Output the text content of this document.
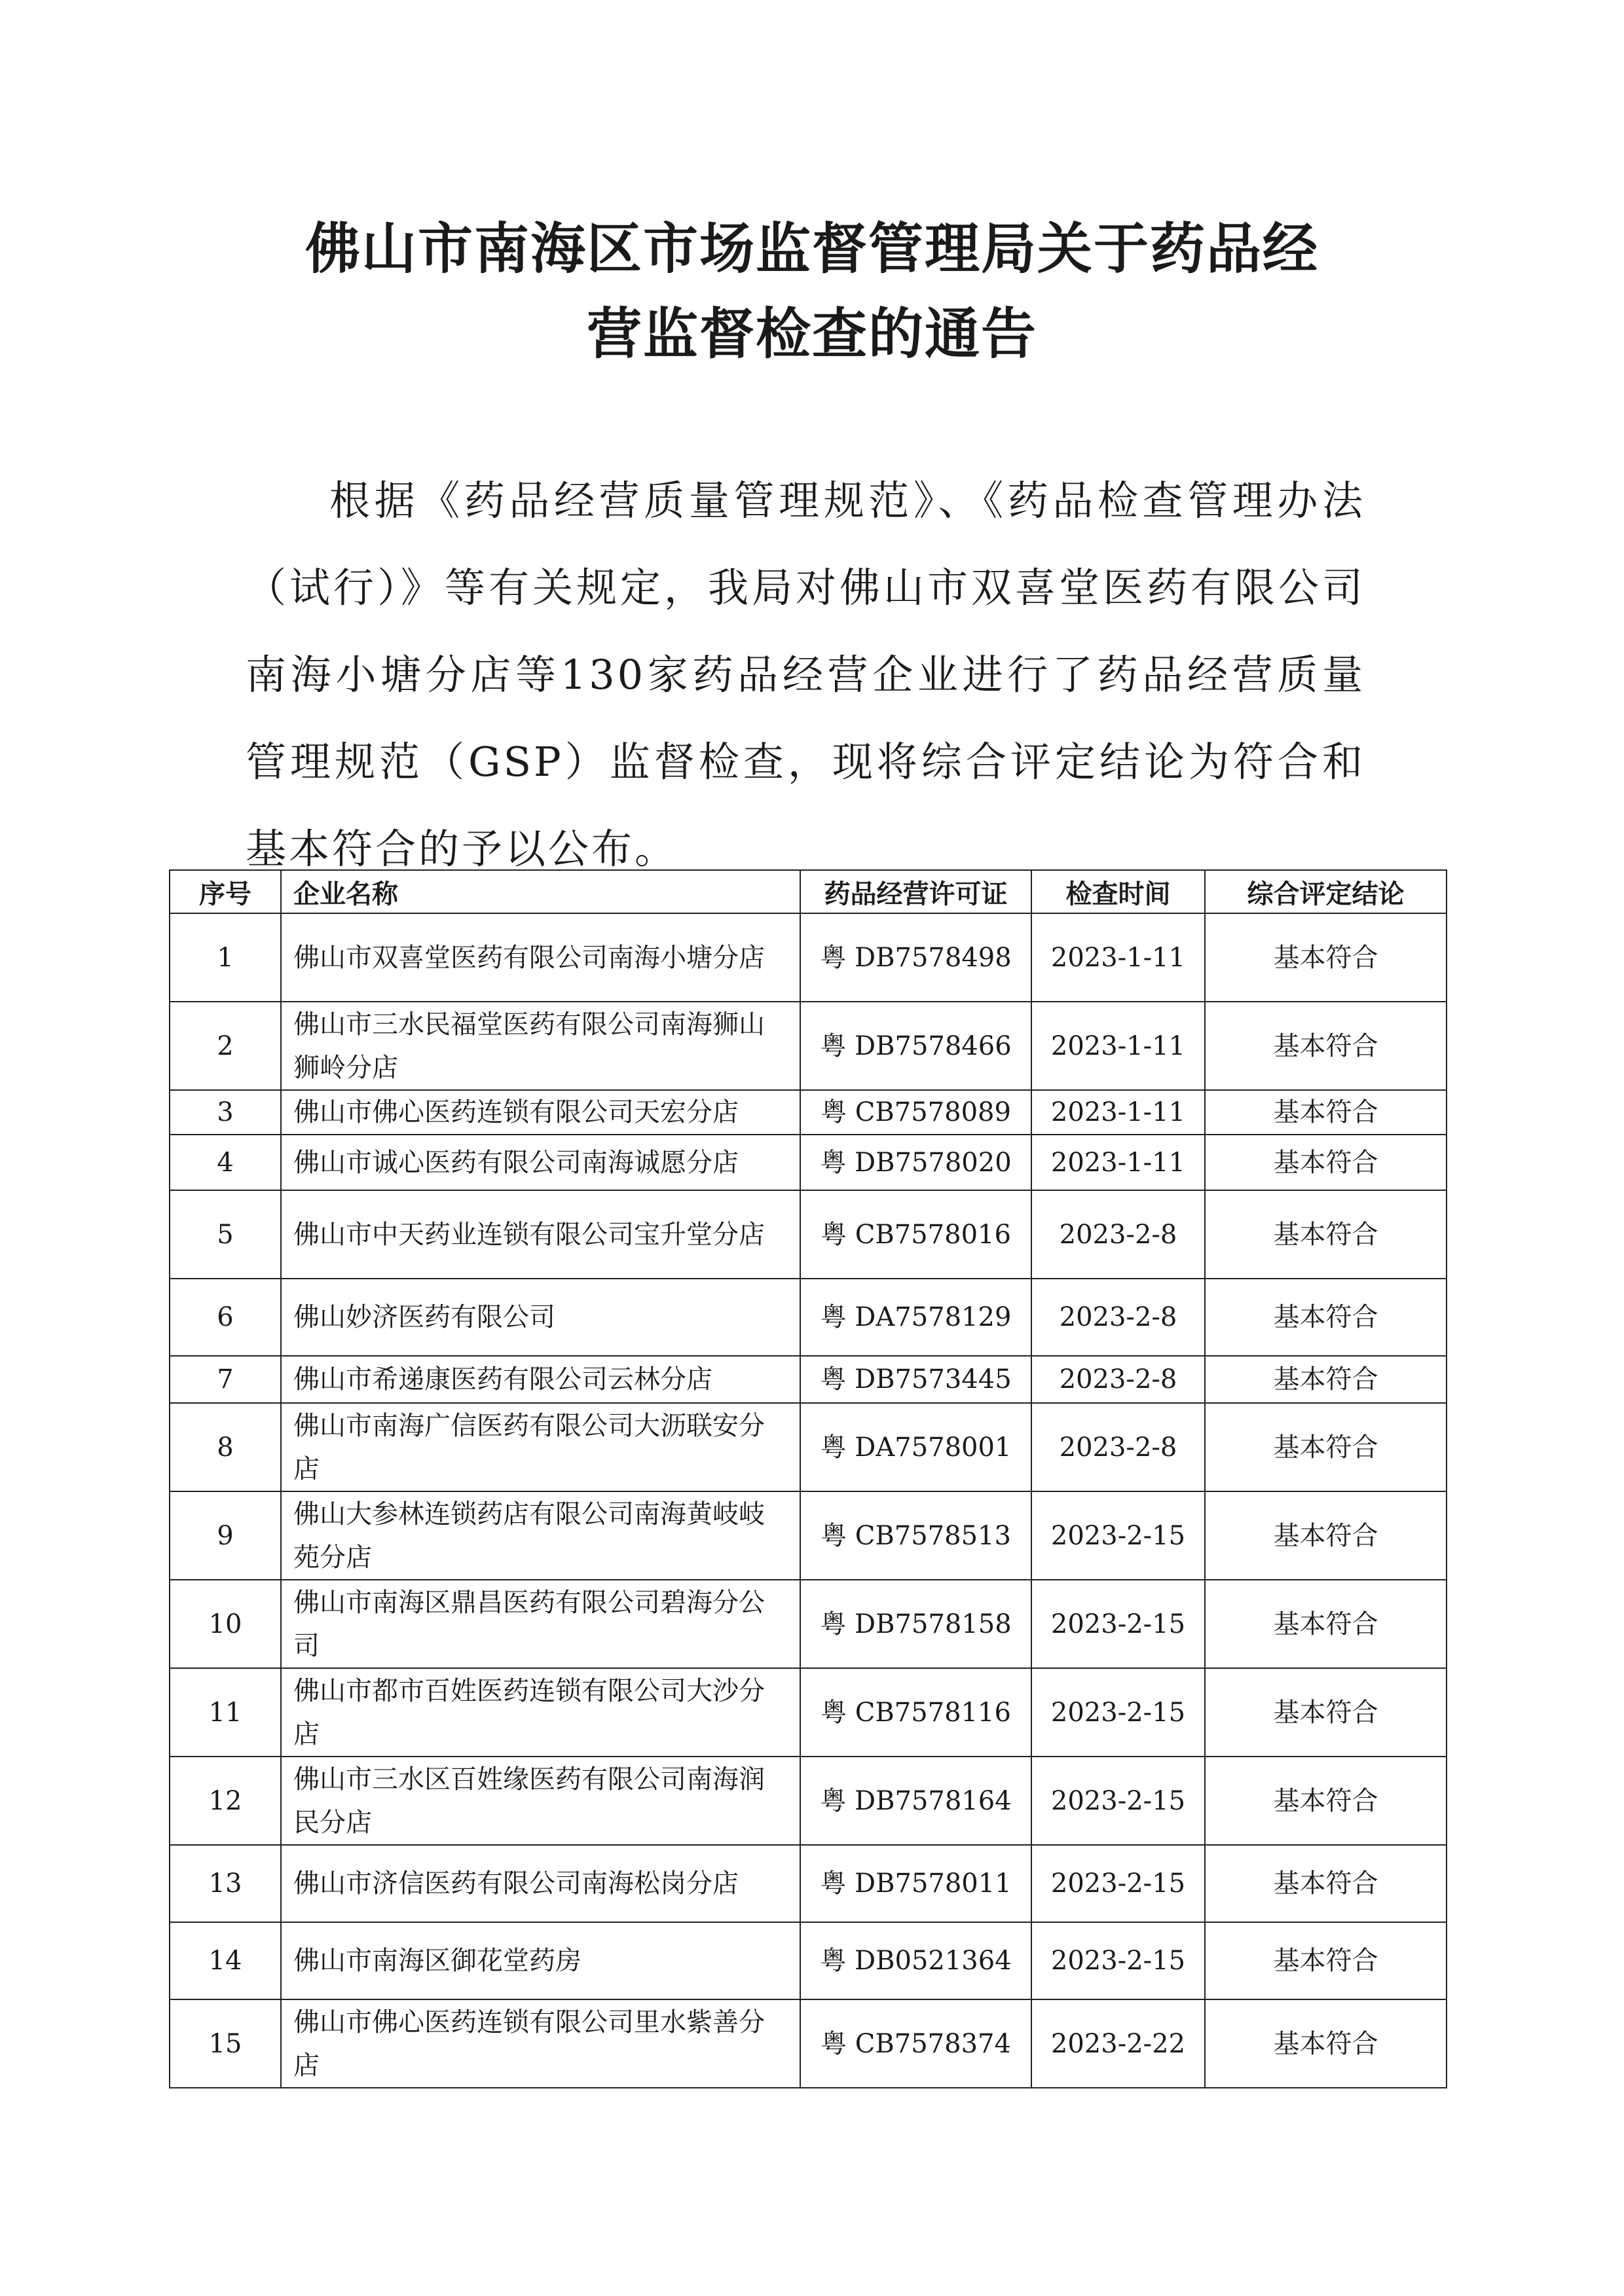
佛山市南海区市场监督管理局关于药品经
营监督检查的通告
根据《药品经营质量管理规范》、《药品检查管理办法（试行）》等有关规定，我局对佛山市双喜堂医药有限公司南海小塘分店等130家药品经营企业进行了药品经营质量管理规范（GSP）监督检查，现将综合评定结论为符合和基本符合的予以公布。
序号	企业名称	药品经营许可证	检查时间	综合评定结论
1	佛山市双喜堂医药有限公司南海小塘分店	粤 DB7578498	2023-1-11	基本符合
2	佛山市三水民福堂医药有限公司南海狮山狮岭分店	粤 DB7578466	2023-1-11	基本符合
3	佛山市佛心医药连锁有限公司天宏分店	粤 CB7578089	2023-1-11	基本符合
4	佛山市诚心医药有限公司南海诚愿分店	粤 DB7578020	2023-1-11	基本符合
5	佛山市中天药业连锁有限公司宝升堂分店	粤 CB7578016	2023-2-8	基本符合
6	佛山妙济医药有限公司	粤 DA7578129	2023-2-8	基本符合
7	佛山市希递康医药有限公司云林分店	粤 DB7573445	2023-2-8	基本符合
8	佛山市南海广信医药有限公司大沥联安分店	粤 DA7578001	2023-2-8	基本符合
9	佛山大参林连锁药店有限公司南海黄岐岐苑分店	粤 CB7578513	2023-2-15	基本符合
10	佛山市南海区鼎昌医药有限公司碧海分公司	粤 DB7578158	2023-2-15	基本符合
11	佛山市都市百姓医药连锁有限公司大沙分店	粤 CB7578116	2023-2-15	基本符合
12	佛山市三水区百姓缘医药有限公司南海润民分店	粤 DB7578164	2023-2-15	基本符合
13	佛山市济信医药有限公司南海松岗分店	粤 DB7578011	2023-2-15	基本符合
14	佛山市南海区御花堂药房	粤 DB0521364	2023-2-15	基本符合
15	佛山市佛心医药连锁有限公司里水紫善分店	粤 CB7578374	2023-2-22	基本符合
